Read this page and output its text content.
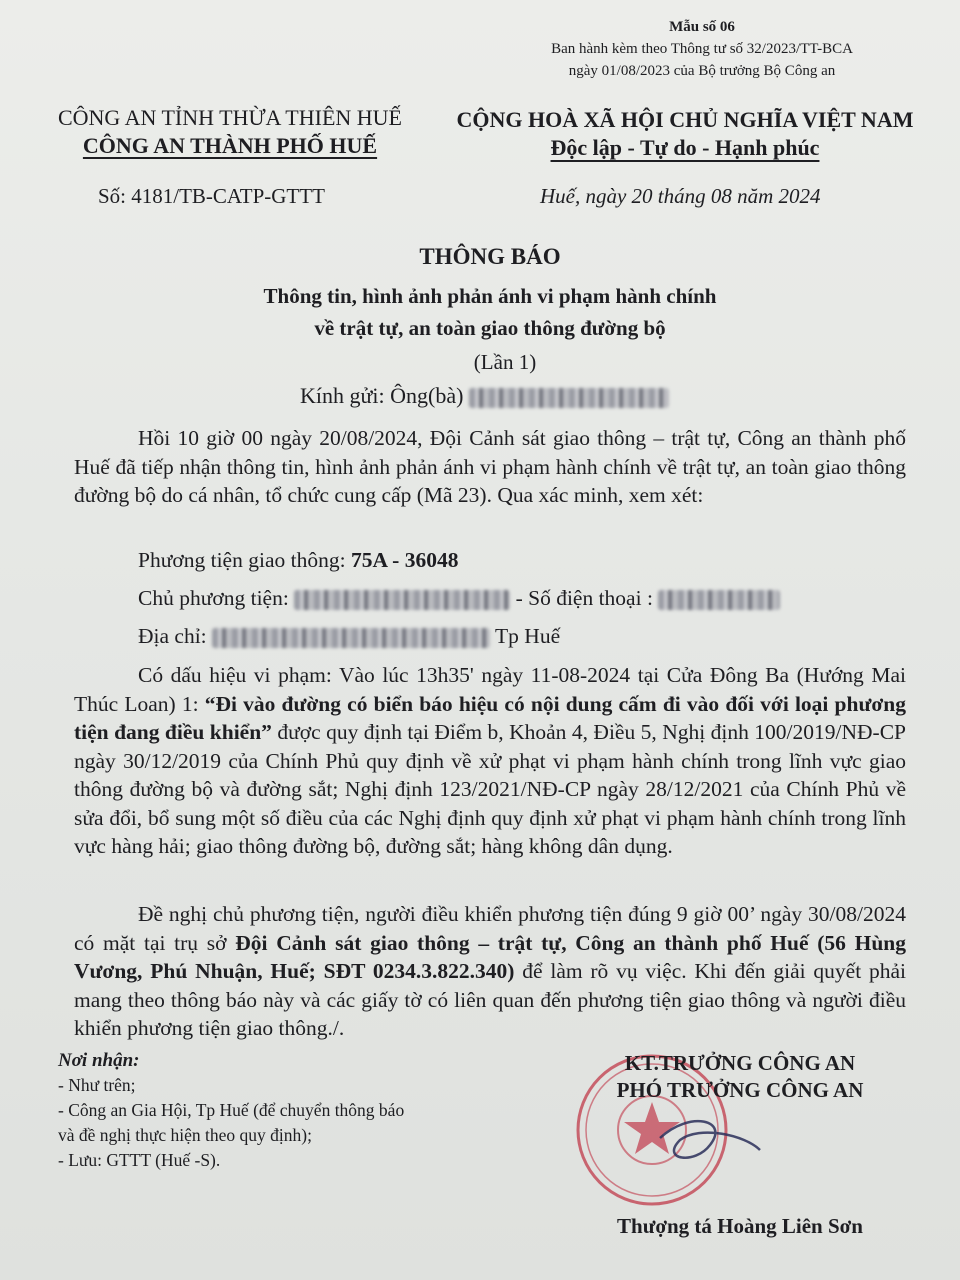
Mẫu số 06
Ban hành kèm theo Thông tư số 32/2023/TT-BCA
ngày 01/08/2023 của Bộ trưởng Bộ Công an
CÔNG AN TỈNH THỪA THIÊN HUẾ
CÔNG AN THÀNH PHỐ HUẾ
CỘNG HOÀ XÃ HỘI CHỦ NGHĨA VIỆT NAM
Độc lập - Tự do - Hạnh phúc
Số: 4181/TB-CATP-GTTT	Huế, ngày 20 tháng 08 năm 2024
THÔNG BÁO
Thông tin, hình ảnh phản ánh vi phạm hành chính
về trật tự, an toàn giao thông đường bộ
(Lần 1)
Kính gửi: Ông(bà)
Hồi 10 giờ 00 ngày 20/08/2024, Đội Cảnh sát giao thông – trật tự, Công an thành phố Huế đã tiếp nhận thông tin, hình ảnh phản ánh vi phạm hành chính về trật tự, an toàn giao thông đường bộ do cá nhân, tổ chức cung cấp (Mã 23). Qua xác minh, xem xét:
Phương tiện giao thông: 75A - 36048
Chủ phương tiện:	- Số điện thoại :
Địa chỉ:	Tp Huế
Có dấu hiệu vi phạm: Vào lúc 13h35' ngày 11-08-2024 tại Cửa Đông Ba (Hướng Mai Thúc Loan) 1: “Đi vào đường có biển báo hiệu có nội dung cấm đi vào đối với loại phương tiện đang điều khiển” được quy định tại Điểm b, Khoản 4, Điều 5, Nghị định 100/2019/NĐ-CP ngày 30/12/2019 của Chính Phủ quy định về xử phạt vi phạm hành chính trong lĩnh vực giao thông đường bộ và đường sắt; Nghị định 123/2021/NĐ-CP ngày 28/12/2021 của Chính Phủ về sửa đổi, bổ sung một số điều của các Nghị định quy định xử phạt vi phạm hành chính trong lĩnh vực hàng hải; giao thông đường bộ, đường sắt; hàng không dân dụng.
Đề nghị chủ phương tiện, người điều khiển phương tiện đúng 9 giờ 00’ ngày 30/08/2024 có mặt tại trụ sở Đội Cảnh sát giao thông – trật tự, Công an thành phố Huế (56 Hùng Vương, Phú Nhuận, Huế; SĐT 0234.3.822.340) để làm rõ vụ việc. Khi đến giải quyết phải mang theo thông báo này và các giấy tờ có liên quan đến phương tiện giao thông và người điều khiển phương tiện giao thông./.
Nơi nhận:
- Như trên;
- Công an Gia Hội, Tp Huế (để chuyển thông báo
và đề nghị thực hiện theo quy định);
- Lưu: GTTT (Huế -S).
KT.TRƯỞNG CÔNG AN
PHÓ TRƯỞNG CÔNG AN
Thượng tá Hoàng Liên Sơn
